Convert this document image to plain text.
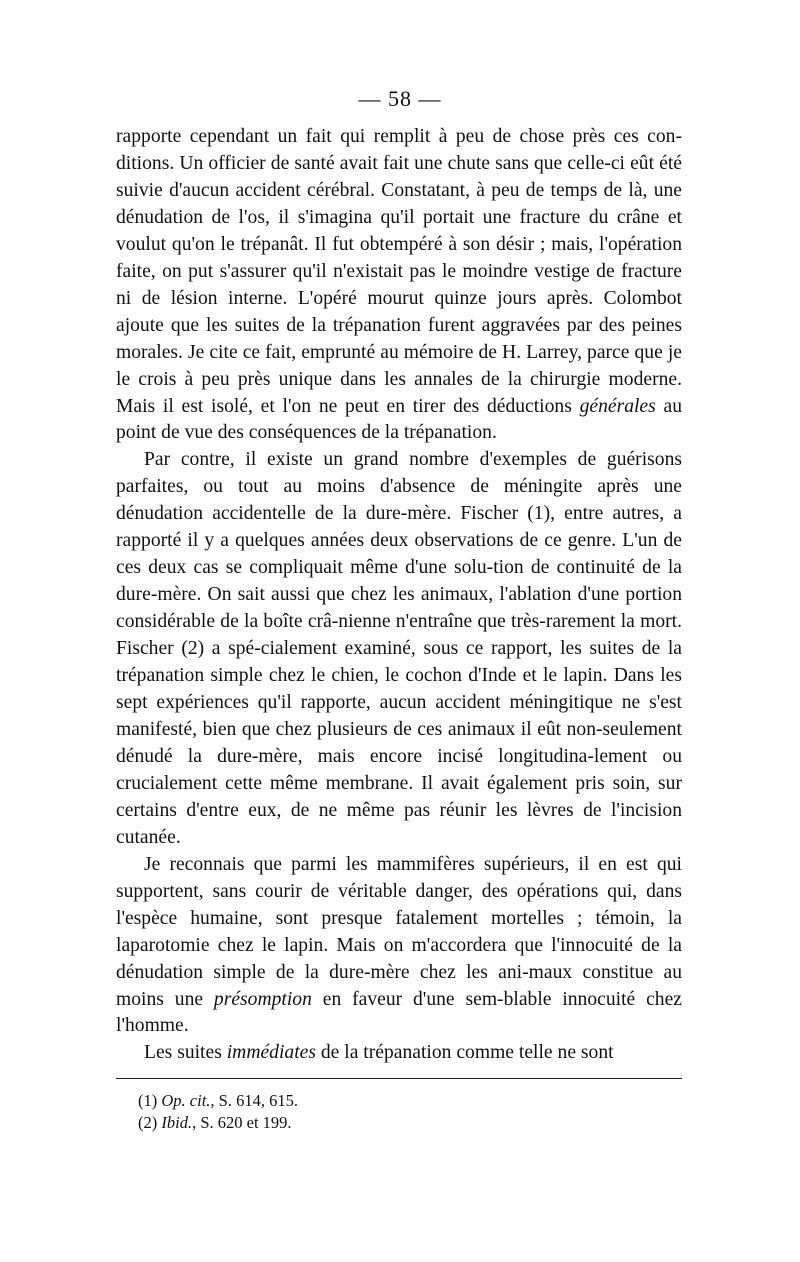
— 58 —

rapporte cependant un fait qui remplit à peu de chose près ces con-ditions. Un officier de santé avait fait une chute sans que celle-ci eût été suivie d'aucun accident cérébral. Constatant, à peu de temps de là, une dénudation de l'os, il s'imagina qu'il portait une fracture du crâne et voulut qu'on le trépanât. Il fut obtempéré à son désir ; mais, l'opération faite, on put s'assurer qu'il n'existait pas le moindre vestige de fracture ni de lésion interne. L'opéré mourut quinze jours après. Colombot ajoute que les suites de la trépanation furent aggravées par des peines morales. Je cite ce fait, emprunté au mémoire de H. Larrey, parce que je le crois à peu près unique dans les annales de la chirurgie moderne. Mais il est isolé, et l'on ne peut en tirer des déductions générales au point de vue des conséquences de la trépanation.

Par contre, il existe un grand nombre d'exemples de guérisons parfaites, ou tout au moins d'absence de méningite après une dénudation accidentelle de la dure-mère. Fischer (1), entre autres, a rapporté il y a quelques années deux observations de ce genre. L'un de ces deux cas se compliquait même d'une solu-tion de continuité de la dure-mère. On sait aussi que chez les animaux, l'ablation d'une portion considérable de la boîte crâ-nienne n'entraîne que très-rarement la mort. Fischer (2) a spé-cialement examiné, sous ce rapport, les suites de la trépanation simple chez le chien, le cochon d'Inde et le lapin. Dans les sept expériences qu'il rapporte, aucun accident méningitique ne s'est manifesté, bien que chez plusieurs de ces animaux il eût non-seulement dénudé la dure-mère, mais encore incisé longitudina-lement ou crucialement cette même membrane. Il avait également pris soin, sur certains d'entre eux, de ne même pas réunir les lèvres de l'incision cutanée.

Je reconnais que parmi les mammifères supérieurs, il en est qui supportent, sans courir de véritable danger, des opérations qui, dans l'espèce humaine, sont presque fatalement mortelles ; témoin, la laparotomie chez le lapin. Mais on m'accordera que l'innocuité de la dénudation simple de la dure-mère chez les ani-maux constitue au moins une présomption en faveur d'une sem-blable innocuité chez l'homme.

Les suites immédiates de la trépanation comme telle ne sont

(1) Op. cit., S. 614, 615.
(2) Ibid., S. 620 et 199.
